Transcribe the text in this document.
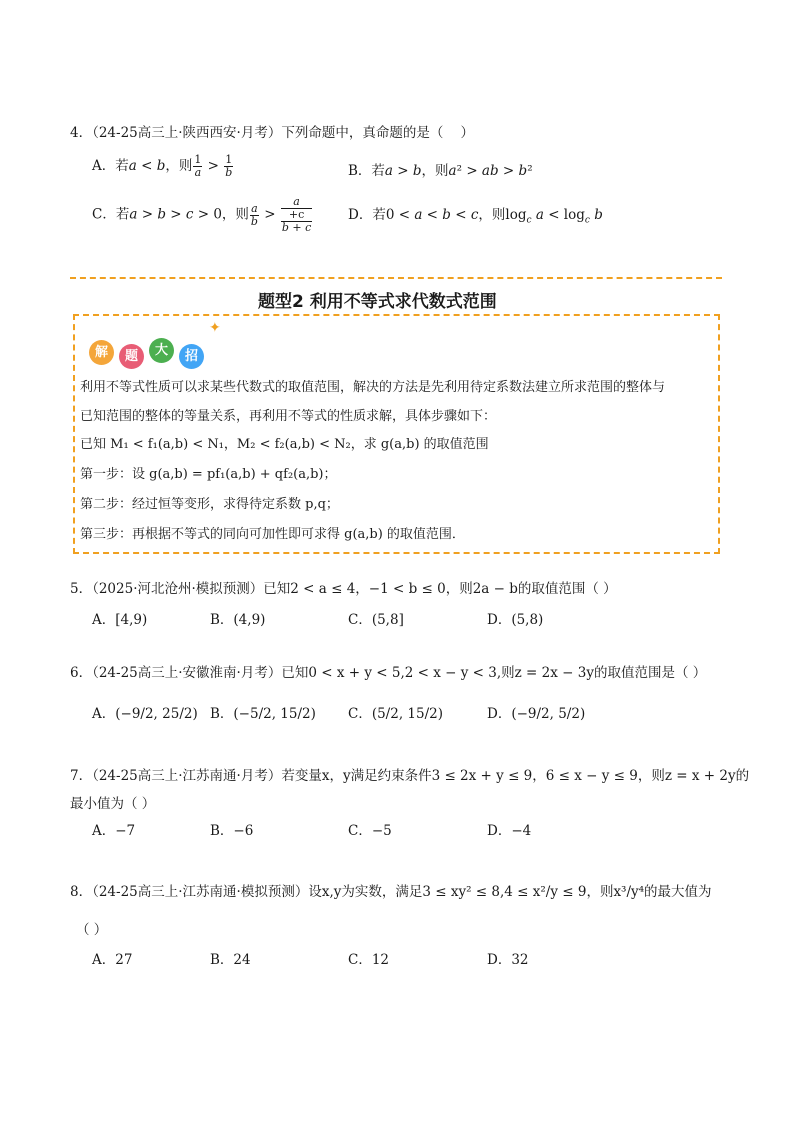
4．（24-25高三上·陕西西安·月考）下列命题中，真命题的是（    ）
A．若a < b，则 $\frac{1}{a} > \frac{1}{b}$	B．若a > b，则a² > ab > b²
C．若a > b > c > 0，则 $\frac{a}{b}$ >
a
+c
b + c
D．若0 < a < b < c，则$\log_c a < \log_c b$
题型2 利用不等式求代数式范围
解	题	大	招
✦
利用不等式性质可以求某些代数式的取值范围，解决的方法是先利用待定系数法建立所求范围的整体与
已知范围的整体的等量关系，再利用不等式的性质求解，具体步骤如下：
已知 M₁ < f₁(a,b) < N₁，M₂ < f₂(a,b) < N₂，求 g(a,b) 的取值范围
第一步：设 g(a,b) = pf₁(a,b) + qf₂(a,b)；
第二步：经过恒等变形，求得待定系数 p,q；
第三步：再根据不等式的同向可加性即可求得 g(a,b) 的取值范围．
5．（2025·河北沧州·模拟预测）已知2 < a ≤ 4，−1 < b ≤ 0，则2a − b的取值范围（ ）
A．[4,9)	B．(4,9)	C．(5,8]	D．(5,8)
6．（24-25高三上·安徽淮南·月考）已知0 < x + y < 5,2 < x − y < 3,则z = 2x − 3y的取值范围是（ ）
A．(−9/2, 25/2) B．(−5/2, 15/2) C．(5/2, 15/2)	D．(−9/2, 5/2)
7．（24-25高三上·江苏南通·月考）若变量x，y满足约束条件3 ≤ 2x + y ≤ 9，6 ≤ x − y ≤ 9，则z = x + 2y的
最小值为（ ）
A．−7	B．−6	C．−5	D．−4
8．（24-25高三上·江苏南通·模拟预测）设x,y为实数，满足3 ≤ xy² ≤ 8,4 ≤ x²/y ≤ 9，则x³/y⁴的最大值为
（ ）
A．27	B．24	C．12	D．32
